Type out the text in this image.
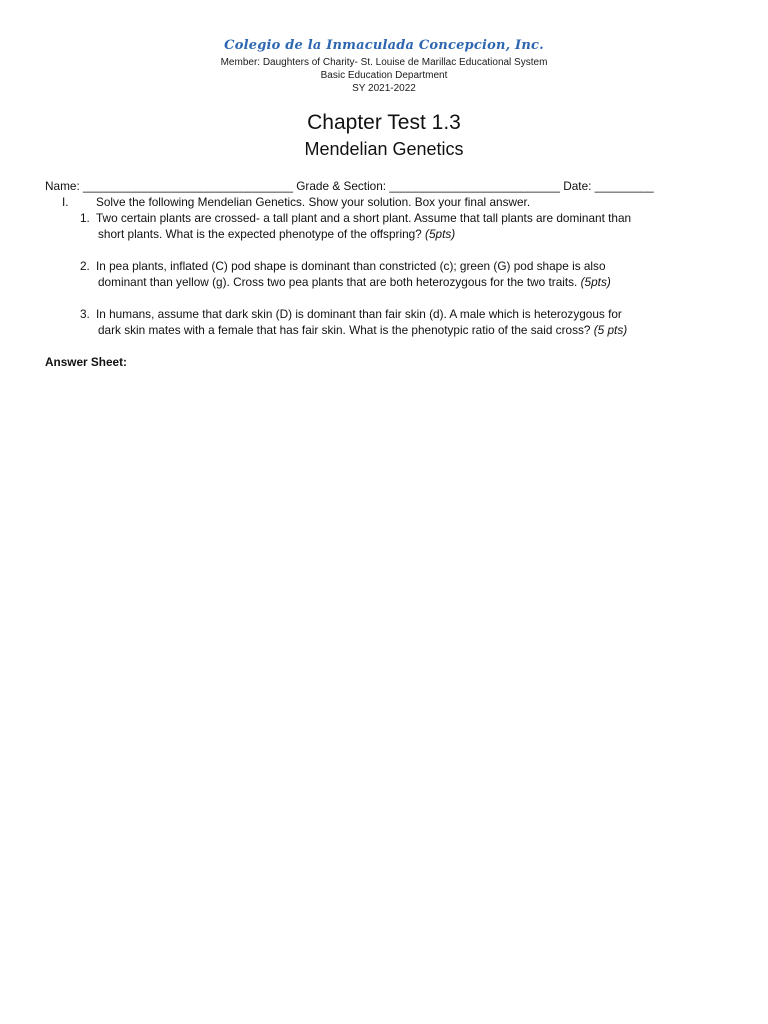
Colegio de la Inmaculada Concepcion, Inc.
Member: Daughters of Charity- St. Louise de Marillac Educational System
Basic Education Department
SY 2021-2022
Chapter Test 1.3
Mendelian Genetics
Name: ________________________________ Grade & Section: __________________________ Date: _________
I. Solve the following Mendelian Genetics. Show your solution. Box your final answer.
1. Two certain plants are crossed- a tall plant and a short plant. Assume that tall plants are dominant than
short plants. What is the expected phenotype of the offspring? (5pts)
2. In pea plants, inflated (C) pod shape is dominant than constricted (c); green (G) pod shape is also
dominant than yellow (g). Cross two pea plants that are both heterozygous for the two traits. (5pts)
3. In humans, assume that dark skin (D) is dominant than fair skin (d). A male which is heterozygous for
dark skin mates with a female that has fair skin. What is the phenotypic ratio of the said cross? (5 pts)
Answer Sheet:
